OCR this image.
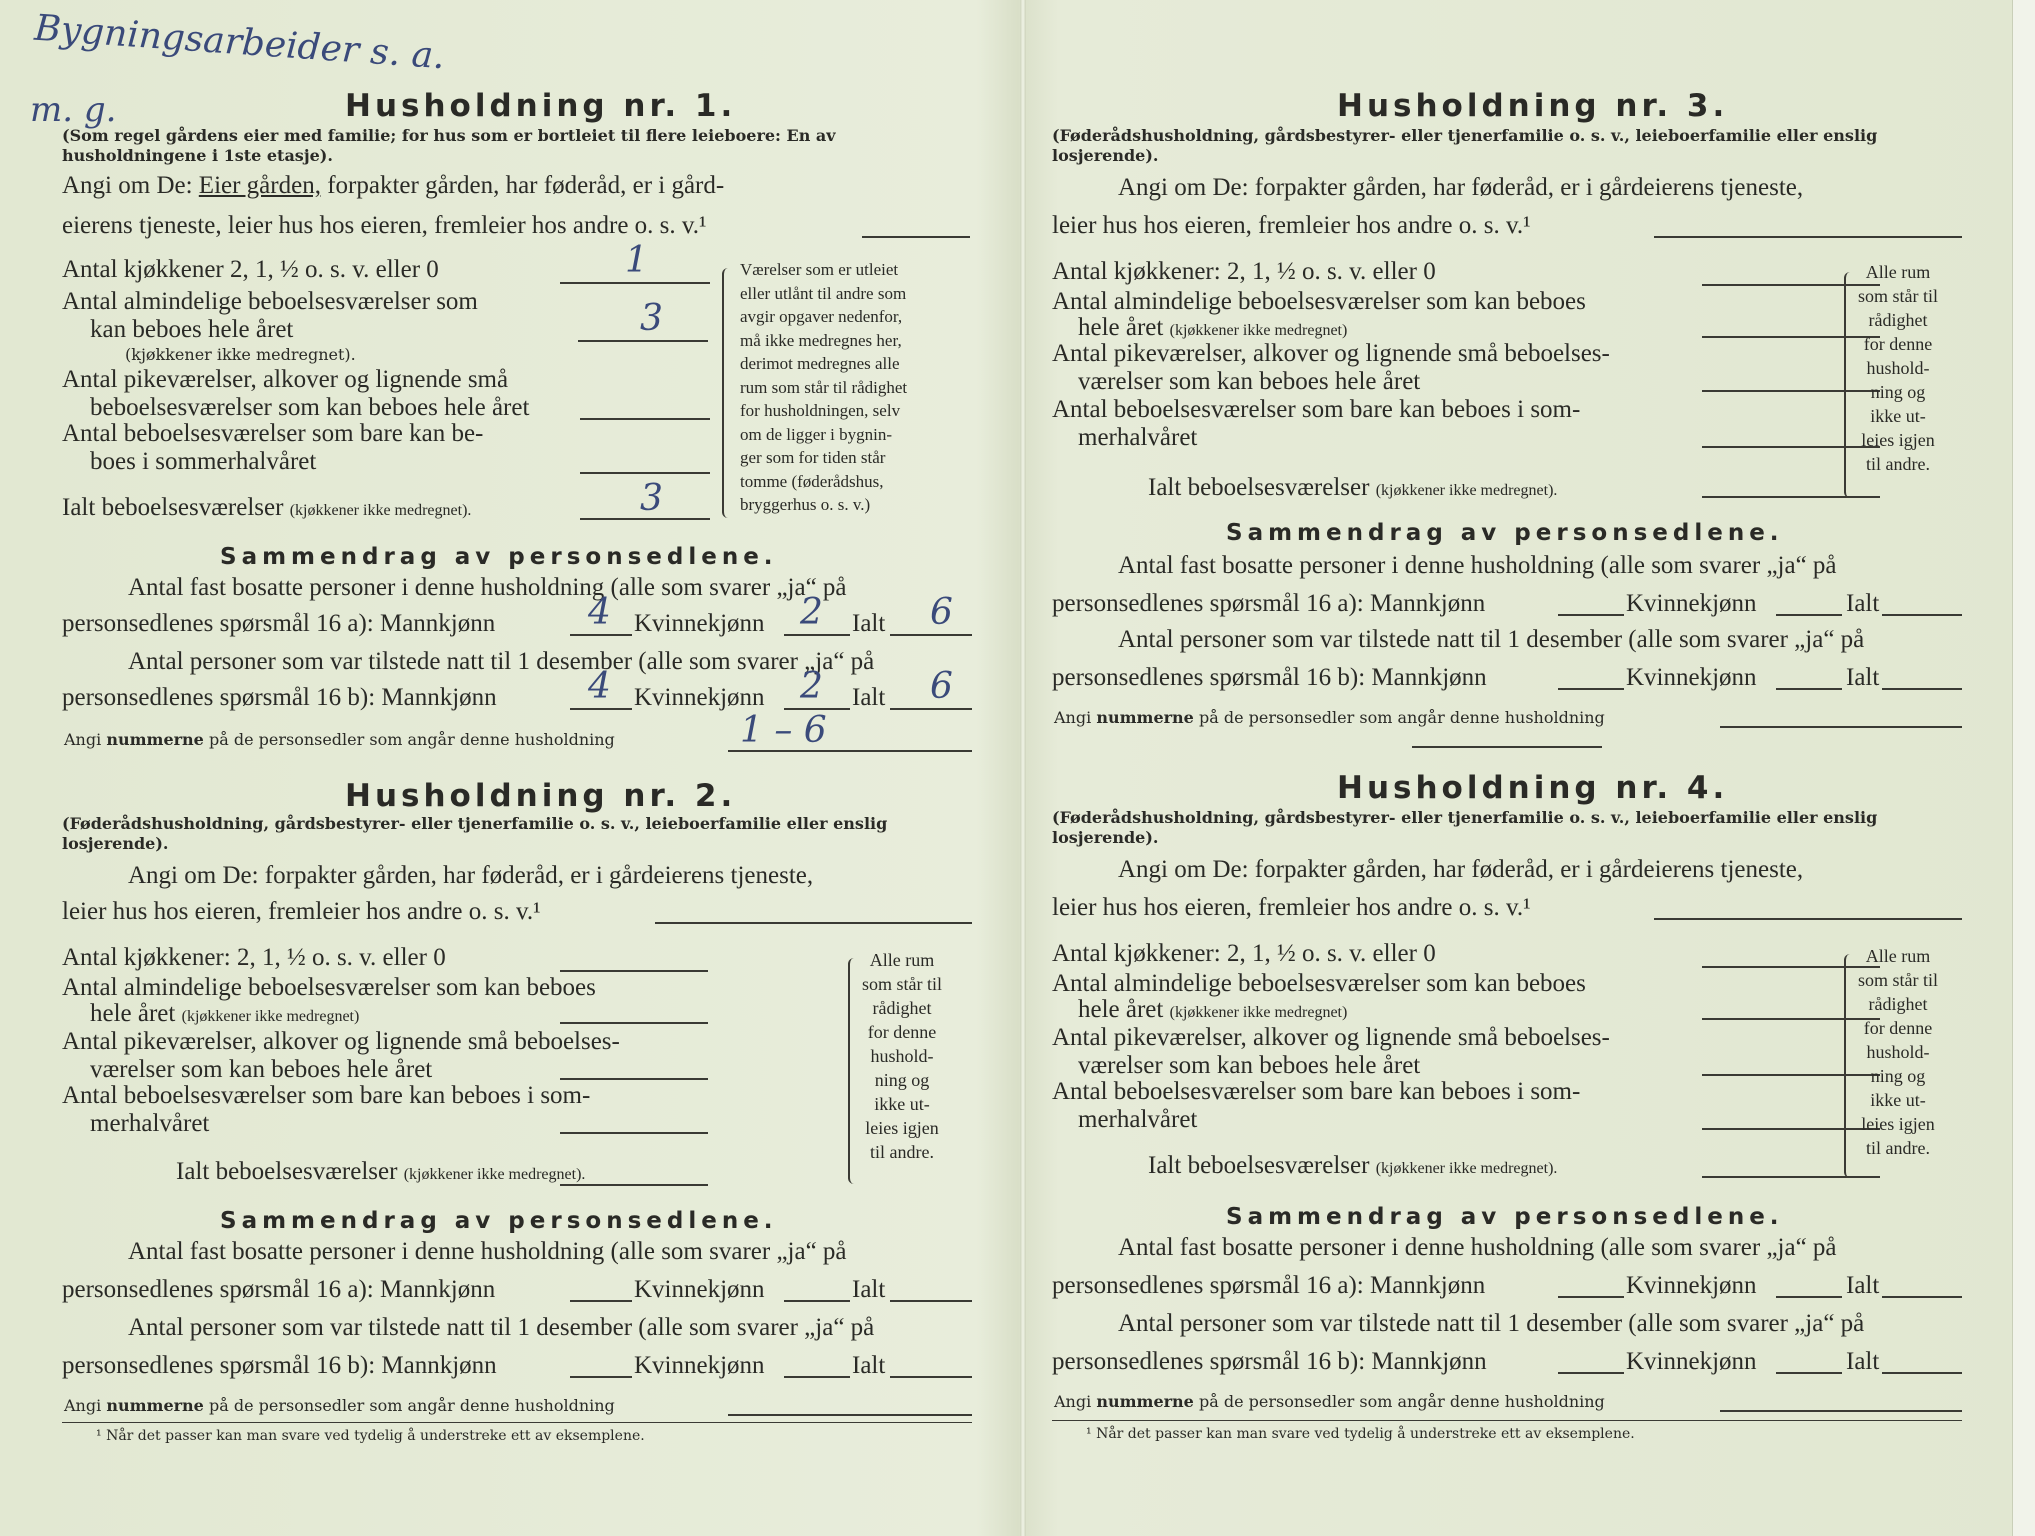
Bygningsarbeider s. a.
m. g.	Husholdning nr. 1.
(Som regel gårdens eier med familie; for hus som er bortleiet til flere leieboere: En av husholdningene i 1ste etasje).
Angi om De: Eier gården, forpakter gården, har føderåd, er i gård-
eierens tjeneste, leier hus hos eieren, fremleier hos andre o. s. v.¹
Antal kjøkkener 2, 1, ½ o. s. v. eller 0	1
Antal almindelige beboelsesværelser som
kan beboes hele året
(kjøkkener ikke medregnet).
3
Antal pikeværelser, alkover og lignende små
beboelsesværelser som kan beboes hele året
Antal beboelsesværelser som bare kan be-
boes i sommerhalvåret
Ialt beboelsesværelser (kjøkkener ikke medregnet).	3
Værelser som er utleiet
eller utlånt til andre som
avgir opgaver nedenfor,
må ikke medregnes her,
derimot medregnes alle
rum som står til rådighet
for husholdningen, selv
om de ligger i bygnin-
ger som for tiden står
tomme (føderådshus,
bryggerhus o. s. v.)
Sammendrag av personsedlene.
Antal fast bosatte personer i denne husholdning (alle som svarer „ja“ på
personsedlenes spørsmål 16 a): Mannkjønn	Kvinnekjønn	Ialt
4	2	6
Antal personer som var tilstede natt til 1 desember (alle som svarer „ja“ på
personsedlenes spørsmål 16 b): Mannkjønn	Kvinnekjønn	Ialt
4	2	6
Angi nummerne på de personsedler som angår denne husholdning	1 – 6
Husholdning nr. 2.
(Føderådshusholdning, gårdsbestyrer- eller tjenerfamilie o. s. v., leieboerfamilie eller enslig losjerende).
Angi om De: forpakter gården, har føderåd, er i gårdeierens tjeneste,
leier hus hos eieren, fremleier hos andre o. s. v.¹
Antal kjøkkener: 2, 1, ½ o. s. v. eller 0
Antal almindelige beboelsesværelser som kan beboes
hele året (kjøkkener ikke medregnet)
Antal pikeværelser, alkover og lignende små beboelses-
værelser som kan beboes hele året
Antal beboelsesværelser som bare kan beboes i som-
merhalvåret
Ialt beboelsesværelser (kjøkkener ikke medregnet).
Alle rum
som står til
rådighet
for denne
hushold-
ning og
ikke ut-
leies igjen
til andre.
Sammendrag av personsedlene.
Antal fast bosatte personer i denne husholdning (alle som svarer „ja“ på
personsedlenes spørsmål 16 a): Mannkjønn	Kvinnekjønn	Ialt
Antal personer som var tilstede natt til 1 desember (alle som svarer „ja“ på
personsedlenes spørsmål 16 b): Mannkjønn	Kvinnekjønn	Ialt
Angi nummerne på de personsedler som angår denne husholdning
¹ Når det passer kan man svare ved tydelig å understreke ett av eksemplene.
Husholdning nr. 3.
(Føderådshusholdning, gårdsbestyrer- eller tjenerfamilie o. s. v., leieboerfamilie eller enslig losjerende).
Angi om De: forpakter gården, har føderåd, er i gårdeierens tjeneste,
leier hus hos eieren, fremleier hos andre o. s. v.¹
Antal kjøkkener: 2, 1, ½ o. s. v. eller 0
Antal almindelige beboelsesværelser som kan beboes
hele året (kjøkkener ikke medregnet)
Antal pikeværelser, alkover og lignende små beboelses-
værelser som kan beboes hele året
Antal beboelsesværelser som bare kan beboes i som-
merhalvåret
Ialt beboelsesværelser (kjøkkener ikke medregnet).
Alle rum
som står til
rådighet
for denne
hushold-
ning og
ikke ut-
leies igjen
til andre.
Sammendrag av personsedlene.
Antal fast bosatte personer i denne husholdning (alle som svarer „ja“ på
personsedlenes spørsmål 16 a): Mannkjønn	Kvinnekjønn	Ialt
Antal personer som var tilstede natt til 1 desember (alle som svarer „ja“ på
personsedlenes spørsmål 16 b): Mannkjønn	Kvinnekjønn	Ialt
Angi nummerne på de personsedler som angår denne husholdning
Husholdning nr. 4.
(Føderådshusholdning, gårdsbestyrer- eller tjenerfamilie o. s. v., leieboerfamilie eller enslig losjerende).
Angi om De: forpakter gården, har føderåd, er i gårdeierens tjeneste,
leier hus hos eieren, fremleier hos andre o. s. v.¹
Antal kjøkkener: 2, 1, ½ o. s. v. eller 0
Antal almindelige beboelsesværelser som kan beboes
hele året (kjøkkener ikke medregnet)
Antal pikeværelser, alkover og lignende små beboelses-
værelser som kan beboes hele året
Antal beboelsesværelser som bare kan beboes i som-
merhalvåret
Ialt beboelsesværelser (kjøkkener ikke medregnet).
Alle rum
som står til
rådighet
for denne
hushold-
ning og
ikke ut-
leies igjen
til andre.
Sammendrag av personsedlene.
Antal fast bosatte personer i denne husholdning (alle som svarer „ja“ på
personsedlenes spørsmål 16 a): Mannkjønn	Kvinnekjønn	Ialt
Antal personer som var tilstede natt til 1 desember (alle som svarer „ja“ på
personsedlenes spørsmål 16 b): Mannkjønn	Kvinnekjønn	Ialt
Angi nummerne på de personsedler som angår denne husholdning
¹ Når det passer kan man svare ved tydelig å understreke ett av eksemplene.
